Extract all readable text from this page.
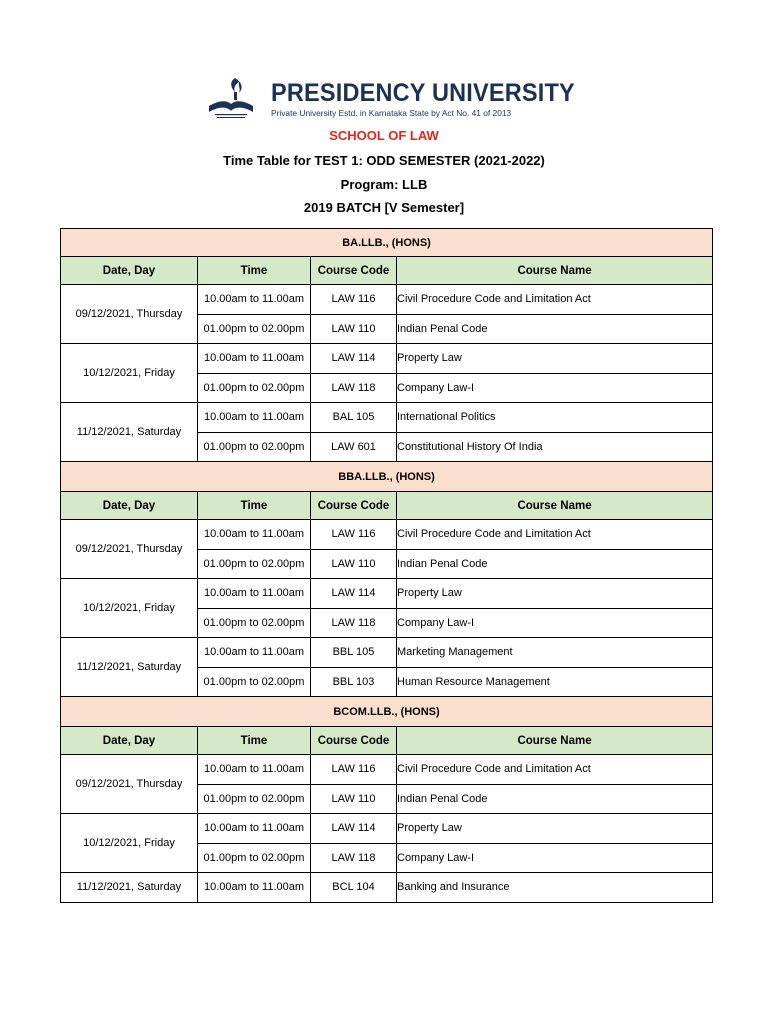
PRESIDENCY UNIVERSITY
Private University Estd. in Karnataka State by Act No. 41 of 2013
SCHOOL OF LAW
Time Table for TEST 1: ODD SEMESTER (2021-2022)
Program: LLB
2019 BATCH [V Semester]
BA.LLB., (HONS)			
Date, Day	Time	Course Code	Course Name
09/12/2021, Thursday	10.00am to 11.00am	LAW 116	Civil Procedure Code and Limitation Act
	01.00pm to 02.00pm	LAW 110	Indian Penal Code
10/12/2021, Friday	10.00am to 11.00am	LAW 114	Property Law
	01.00pm to 02.00pm	LAW 118	Company Law-I
11/12/2021, Saturday	10.00am to 11.00am	BAL 105	International Politics
	01.00pm to 02.00pm	LAW 601	Constitutional History Of India
BBA.LLB., (HONS)			
Date, Day	Time	Course Code	Course Name
09/12/2021, Thursday	10.00am to 11.00am	LAW 116	Civil Procedure Code and Limitation Act
	01.00pm to 02.00pm	LAW 110	Indian Penal Code
10/12/2021, Friday	10.00am to 11.00am	LAW 114	Property Law
	01.00pm to 02.00pm	LAW 118	Company Law-I
11/12/2021, Saturday	10.00am to 11.00am	BBL 105	Marketing Management
	01.00pm to 02.00pm	BBL 103	Human Resource Management
BCOM.LLB., (HONS)			
Date, Day	Time	Course Code	Course Name
09/12/2021, Thursday	10.00am to 11.00am	LAW 116	Civil Procedure Code and Limitation Act
	01.00pm to 02.00pm	LAW 110	Indian Penal Code
10/12/2021, Friday	10.00am to 11.00am	LAW 114	Property Law
	01.00pm to 02.00pm	LAW 118	Company Law-I
11/12/2021, Saturday	10.00am to 11.00am	BCL 104	Banking and Insurance
